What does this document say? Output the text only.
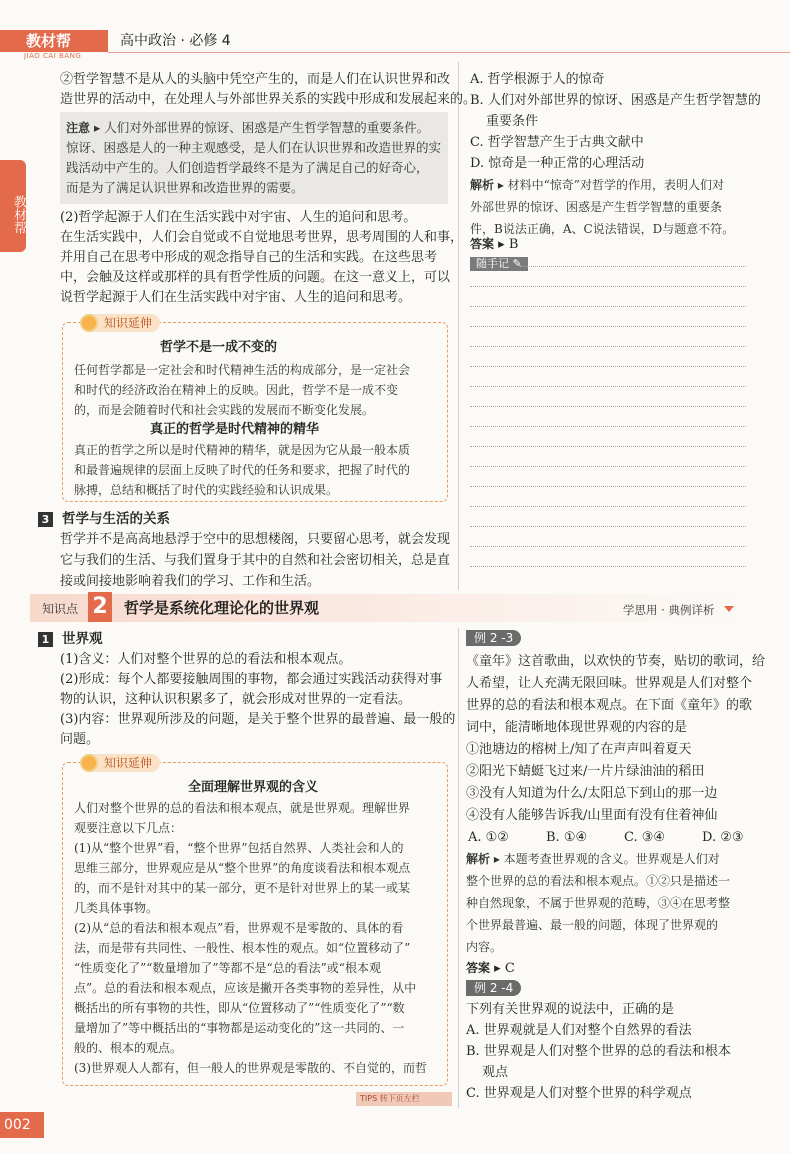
教材帮
JIAO CAI BANG
高中政治 · 必修 4
教材帮
②哲学智慧不是从人的头脑中凭空产生的，而是人们在认识世界和改
造世界的活动中，在处理人与外部世界关系的实践中形成和发展起来的。
注意 ▸ 人们对外部世界的惊讶、困惑是产生哲学智慧的重要条件。
惊讶、困惑是人的一种主观感受，是人们在认识世界和改造世界的实
践活动中产生的。人们创造哲学最终不是为了满足自己的好奇心，
而是为了满足认识世界和改造世界的需要。
(2)哲学起源于人们在生活实践中对宇宙、人生的追问和思考。
在生活实践中，人们会自觉或不自觉地思考世界，思考周围的人和事，
并用自己在思考中形成的观念指导自己的生活和实践。在这些思考
中，会触及这样或那样的具有哲学性质的问题。在这一意义上，可以
说哲学起源于人们在生活实践中对宇宙、人生的追问和思考。
知识延伸
哲学不是一成不变的
任何哲学都是一定社会和时代精神生活的构成部分，是一定社会
和时代的经济政治在精神上的反映。因此，哲学不是一成不变
的，而是会随着时代和社会实践的发展而不断变化发展。
真正的哲学是时代精神的精华
真正的哲学之所以是时代精神的精华，就是因为它从最一般本质
和最普遍规律的层面上反映了时代的任务和要求，把握了时代的
脉搏，总结和概括了时代的实践经验和认识成果。
3 哲学与生活的关系
哲学并不是高高地悬浮于空中的思想楼阁，只要留心思考，就会发现
它与我们的生活、与我们置身于其中的自然和社会密切相关，总是直
接或间接地影响着我们的学习、工作和生活。
A. 哲学根源于人的惊奇
B. 人们对外部世界的惊讶、困惑是产生哲学智慧的
重要条件
C. 哲学智慧产生于古典文献中
D. 惊奇是一种正常的心理活动
解析 ▸ 材料中“惊奇”对哲学的作用，表明人们对
外部世界的惊讶、困惑是产生哲学智慧的重要条
件，B说法正确，A、C说法错误，D与题意不符。
答案 ▸ B
随手记 ✎
知识点 2 哲学是系统化理论化的世界观	学思用 · 典例详析
1 世界观
(1)含义：人们对整个世界的总的看法和根本观点。
(2)形成：每个人都要接触周围的事物，都会通过实践活动获得对事
物的认识，这种认识积累多了，就会形成对世界的一定看法。
(3)内容：世界观所涉及的问题，是关于整个世界的最普遍、最一般的
问题。
知识延伸
全面理解世界观的含义
人们对整个世界的总的看法和根本观点，就是世界观。理解世界
观要注意以下几点：
(1)从“整个世界”看，“整个世界”包括自然界、人类社会和人的
思维三部分，世界观应是从“整个世界”的角度谈看法和根本观点
的，而不是针对其中的某一部分，更不是针对世界上的某一或某
几类具体事物。
(2)从“总的看法和根本观点”看，世界观不是零散的、具体的看
法，而是带有共同性、一般性、根本性的观点。如“位置移动了”
“性质变化了”“数量增加了”等都不是“总的看法”或“根本观
点”。总的看法和根本观点，应该是撇开各类事物的差异性，从中
概括出的所有事物的共性，即从“位置移动了”“性质变化了”“数
量增加了”等中概括出的“事物都是运动变化的”这一共同的、一
般的、根本的观点。
(3)世界观人人都有，但一般人的世界观是零散的、不自觉的，而哲
例 2 -3
《童年》这首歌曲，以欢快的节奏，贴切的歌词，给
人希望，让人充满无限回味。世界观是人们对整个
世界的总的看法和根本观点。在下面《童年》的歌
词中，能清晰地体现世界观的内容的是
①池塘边的榕树上/知了在声声叫着夏天
②阳光下蜻蜓飞过来/一片片绿油油的稻田
③没有人知道为什么/太阳总下到山的那一边
④没有人能够告诉我/山里面有没有住着神仙
A. ①②	B. ①④	C. ③④	D. ②③
解析 ▸ 本题考查世界观的含义。世界观是人们对
整个世界的总的看法和根本观点。①②只是描述一
种自然现象，不属于世界观的范畴，③④在思考整
个世界最普遍、最一般的问题，体现了世界观的
内容。
答案 ▸ C
例 2 -4
下列有关世界观的说法中，正确的是
A. 世界观就是人们对整个自然界的看法
B. 世界观是人们对整个世界的总的看法和根本
观点
C. 世界观是人们对整个世界的科学观点
TIPS 转下页左栏
002
